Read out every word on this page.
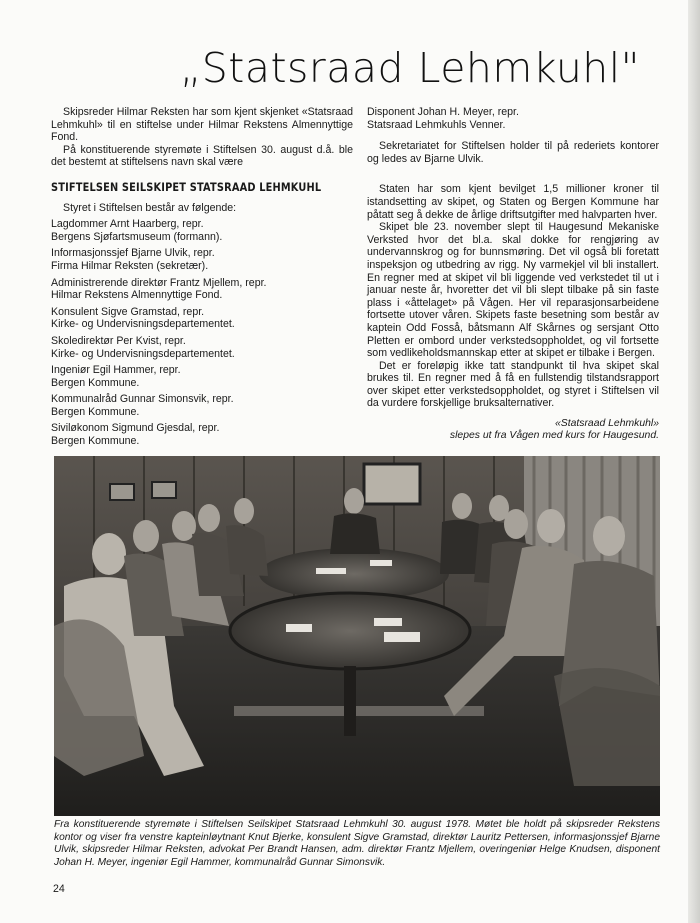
„Statsraad Lehmkuhl"

Skipsreder Hilmar Reksten har som kjent skjenket «Statsraad Lehmkuhl» til en stiftelse under Hilmar Rekstens Almennyttige Fond.

På konstituerende styremøte i Stiftelsen 30. august d.å. ble det bestemt at stiftelsens navn skal være

STIFTELSEN SEILSKIPET STATSRAAD LEHMKUHL

Styret i Stiftelsen består av følgende:

Lagdommer Arnt Haarberg, repr.
Bergens Sjøfartsmuseum (formann).
Informasjonssjef Bjarne Ulvik, repr.
Firma Hilmar Reksten (sekretær).
Administrerende direktør Frantz Mjellem, repr.
Hilmar Rekstens Almennyttige Fond.
Konsulent Sigve Gramstad, repr.
Kirke- og Undervisningsdepartementet.
Skoledirektør Per Kvist, repr.
Kirke- og Undervisningsdepartementet.
Ingeniør Egil Hammer, repr.
Bergen Kommune.
Kommunalråd Gunnar Simonsvik, repr.
Bergen Kommune.
Siviløkonom Sigmund Gjesdal, repr.
Bergen Kommune.
Disponent Johan H. Meyer, repr.
Statsraad Lehmkuhls Venner.

Sekretariatet for Stiftelsen holder til på rederiets kontorer og ledes av Bjarne Ulvik.

Staten har som kjent bevilget 1,5 millioner kroner til istandsetting av skipet, og Staten og Bergen Kommune har påtatt seg å dekke de årlige driftsutgifter med halvparten hver.

Skipet ble 23. november slept til Haugesund Mekaniske Verksted hvor det bl.a. skal dokke for rengjøring av undervannskrog og for bunnsmøring. Det vil også bli foretatt inspeksjon og utbedring av rigg. Ny varmekjel vil bli installert. En regner med at skipet vil bli liggende ved verkstedet til ut i januar neste år, hvoretter det vil bli slept tilbake på sin faste plass i «åttelaget» på Vågen. Her vil reparasjonsarbeidene fortsette utover våren. Skipets faste besetning som består av kaptein Odd Fosså, båtsmann Alf Skårnes og sersjant Otto Pletten er ombord under verkstedsoppholdet, og vil fortsette som vedlikeholdsmannskap etter at skipet er tilbake i Bergen.

Det er foreløpig ikke tatt standpunkt til hva skipet skal brukes til. En regner med å få en fullstendig tilstandsrapport over skipet etter verkstedsoppholdet, og styret i Stiftelsen vil da vurdere forskjellige bruksalternativer.

«Statsraad Lehmkuhl»
slepes ut fra Vågen med kurs for Haugesund.

Fra konstituerende styremøte i Stiftelsen Seilskipet Statsraad Lehmkuhl 30. august 1978. Møtet ble holdt på skipsreder Rekstens kontor og viser fra venstre kapteinløytnant Knut Bjerke, konsulent Sigve Gramstad, direktør Lauritz Pettersen, informasjonssjef Bjarne Ulvik, skipsreder Hilmar Reksten, advokat Per Brandt Hansen, adm. direktør Frantz Mjellem, overingeniør Helge Knudsen, disponent Johan H. Meyer, ingeniør Egil Hammer, kommunalråd Gunnar Simonsvik.

24
